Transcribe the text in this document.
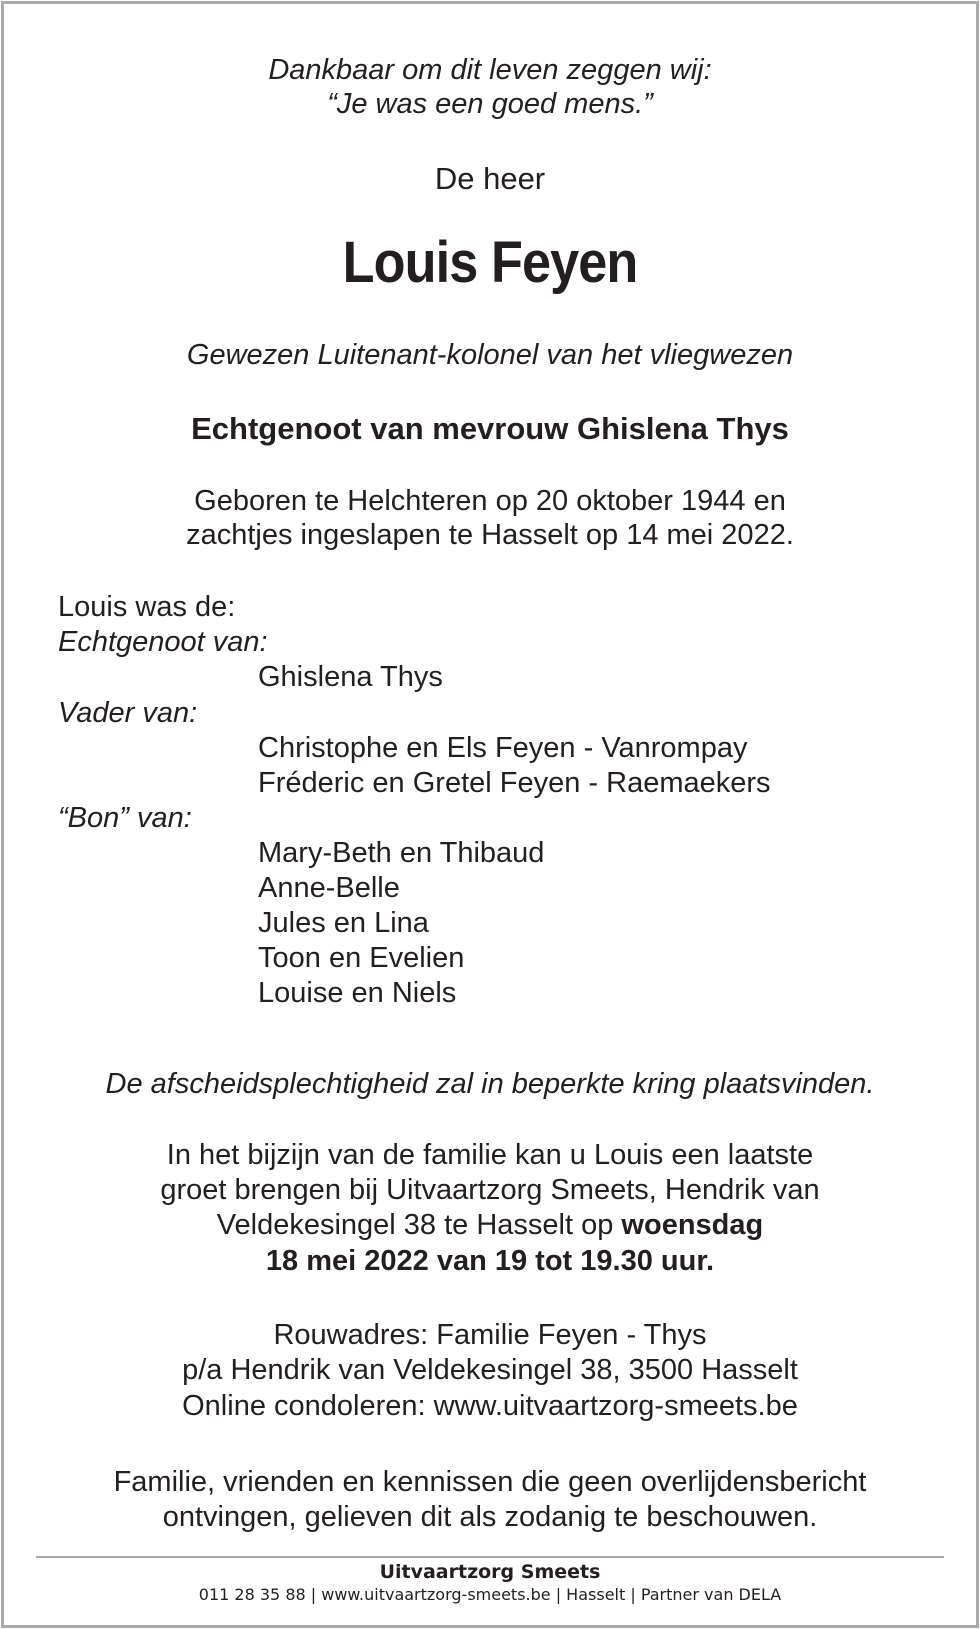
Dankbaar om dit leven zeggen wij:
“Je was een goed mens.”
De heer
Louis Feyen
Gewezen Luitenant-kolonel van het vliegwezen
Echtgenoot van mevrouw Ghislena Thys
Geboren te Helchteren op 20 oktober 1944 en
zachtjes ingeslapen te Hasselt op 14 mei 2022.
Louis was de:
Echtgenoot van:
Ghislena Thys
Vader van:
Christophe en Els Feyen - Vanrompay
Fréderic en Gretel Feyen - Raemaekers
“Bon” van:
Mary-Beth en Thibaud
Anne-Belle
Jules en Lina
Toon en Evelien
Louise en Niels
De afscheidsplechtigheid zal in beperkte kring plaatsvinden.
In het bijzijn van de familie kan u Louis een laatste
groet brengen bij Uitvaartzorg Smeets, Hendrik van
Veldekesingel 38 te Hasselt op woensdag
18 mei 2022 van 19 tot 19.30 uur.
Rouwadres: Familie Feyen - Thys
p/a Hendrik van Veldekesingel 38, 3500 Hasselt
Online condoleren: www.uitvaartzorg-smeets.be
Familie, vrienden en kennissen die geen overlijdensbericht
ontvingen, gelieven dit als zodanig te beschouwen.
Uitvaartzorg Smeets
011 28 35 88 | www.uitvaartzorg-smeets.be | Hasselt | Partner van DELA
